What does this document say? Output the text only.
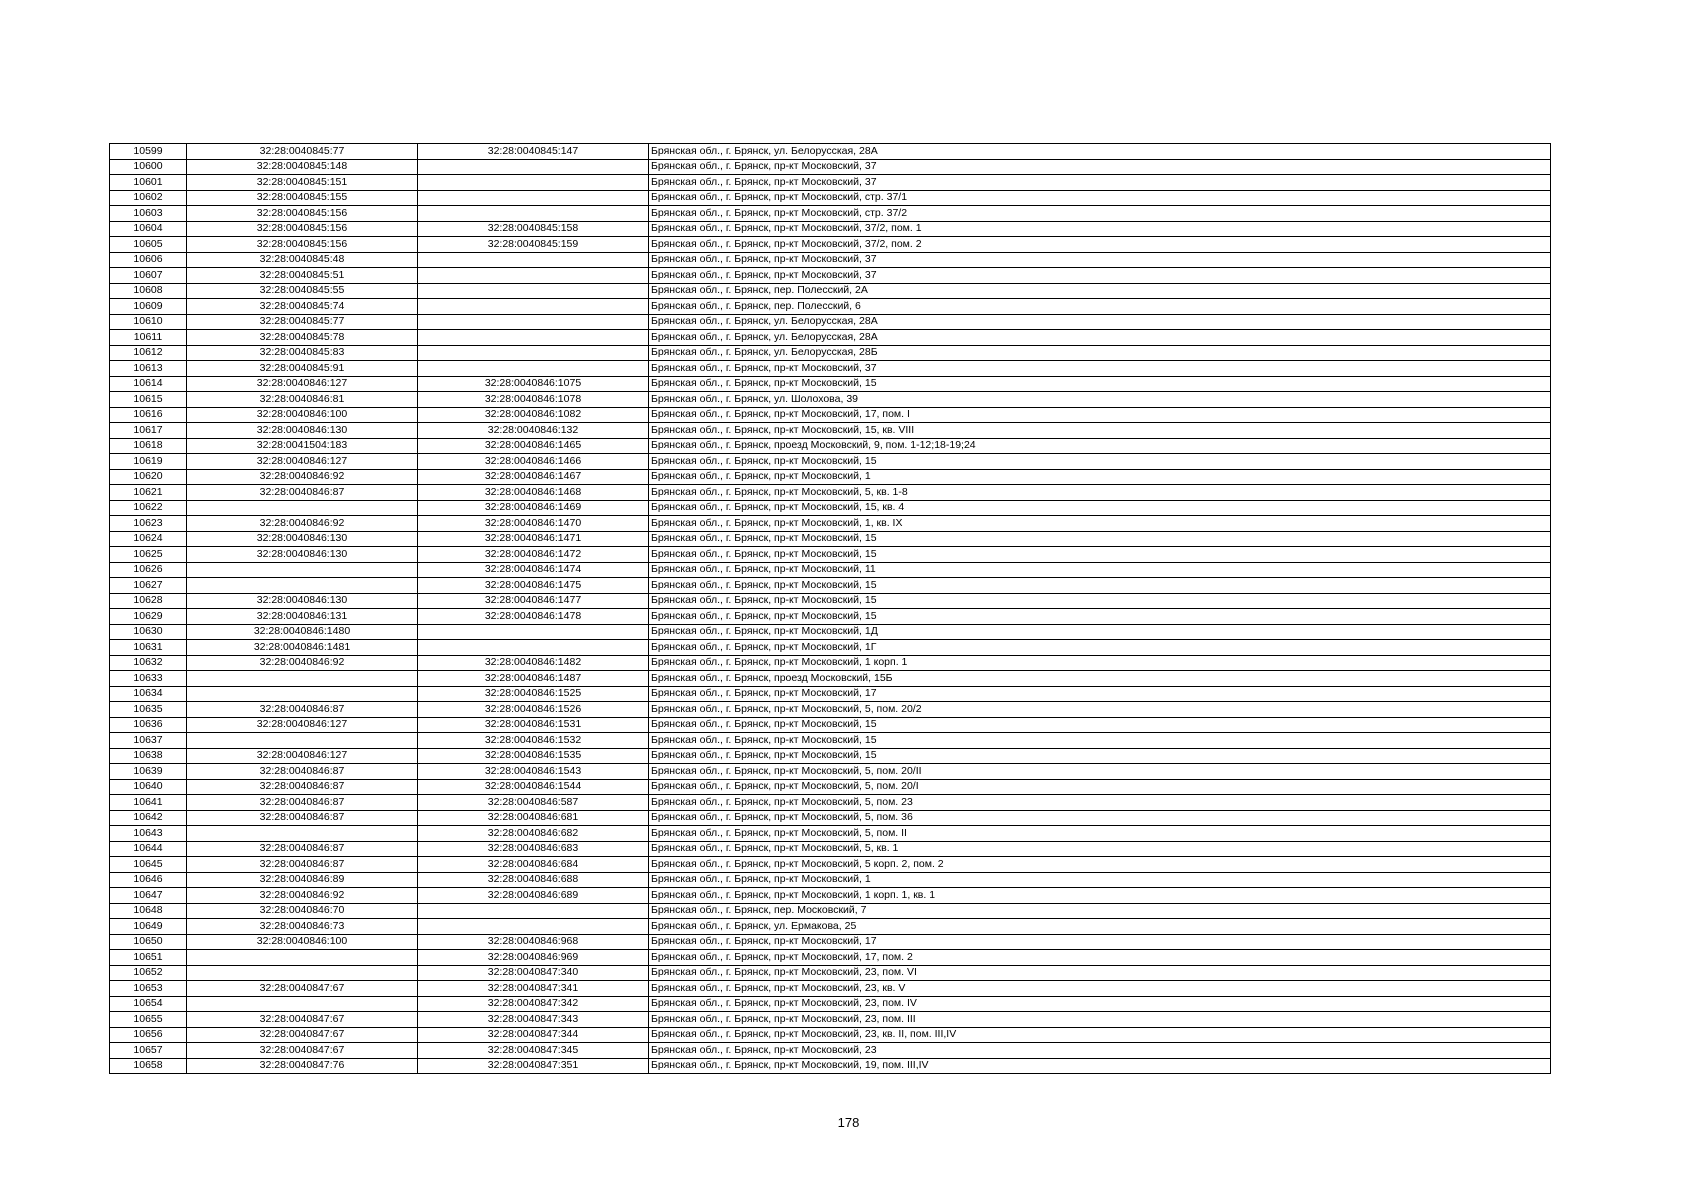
10599	32:28:0040845:77	32:28:0040845:147	Брянская обл., г. Брянск, ул. Белорусская, 28А
10600	32:28:0040845:148		Брянская обл., г. Брянск, пр-кт Московский, 37
10601	32:28:0040845:151		Брянская обл., г. Брянск, пр-кт Московский, 37
10602	32:28:0040845:155		Брянская обл., г. Брянск, пр-кт Московский, стр. 37/1
10603	32:28:0040845:156		Брянская обл., г. Брянск, пр-кт Московский, стр. 37/2
10604	32:28:0040845:156	32:28:0040845:158	Брянская обл., г. Брянск, пр-кт Московский, 37/2, пом. 1
10605	32:28:0040845:156	32:28:0040845:159	Брянская обл., г. Брянск, пр-кт Московский, 37/2, пом. 2
10606	32:28:0040845:48		Брянская обл., г. Брянск, пр-кт Московский, 37
10607	32:28:0040845:51		Брянская обл., г. Брянск, пр-кт Московский, 37
10608	32:28:0040845:55		Брянская обл., г. Брянск, пер. Полесский, 2А
10609	32:28:0040845:74		Брянская обл., г. Брянск, пер. Полесский, 6
10610	32:28:0040845:77		Брянская обл., г. Брянск, ул. Белорусская, 28А
10611	32:28:0040845:78		Брянская обл., г. Брянск, ул. Белорусская, 28А
10612	32:28:0040845:83		Брянская обл., г. Брянск, ул. Белорусская, 28Б
10613	32:28:0040845:91		Брянская обл., г. Брянск, пр-кт Московский, 37
10614	32:28:0040846:127	32:28:0040846:1075	Брянская обл., г. Брянск, пр-кт Московский, 15
10615	32:28:0040846:81	32:28:0040846:1078	Брянская обл., г. Брянск, ул. Шолохова, 39
10616	32:28:0040846:100	32:28:0040846:1082	Брянская обл., г. Брянск, пр-кт Московский, 17, пом. I
10617	32:28:0040846:130	32:28:0040846:132	Брянская обл., г. Брянск, пр-кт Московский, 15, кв. VIII
10618	32:28:0041504:183	32:28:0040846:1465	Брянская обл., г. Брянск, проезд Московский, 9, пом. 1-12;18-19;24
10619	32:28:0040846:127	32:28:0040846:1466	Брянская обл., г. Брянск, пр-кт Московский, 15
10620	32:28:0040846:92	32:28:0040846:1467	Брянская обл., г. Брянск, пр-кт Московский, 1
10621	32:28:0040846:87	32:28:0040846:1468	Брянская обл., г. Брянск, пр-кт Московский, 5, кв. 1-8
10622		32:28:0040846:1469	Брянская обл., г. Брянск, пр-кт Московский, 15, кв. 4
10623	32:28:0040846:92	32:28:0040846:1470	Брянская обл., г. Брянск, пр-кт Московский, 1, кв. IX
10624	32:28:0040846:130	32:28:0040846:1471	Брянская обл., г. Брянск, пр-кт Московский, 15
10625	32:28:0040846:130	32:28:0040846:1472	Брянская обл., г. Брянск, пр-кт Московский, 15
10626		32:28:0040846:1474	Брянская обл., г. Брянск, пр-кт Московский, 11
10627		32:28:0040846:1475	Брянская обл., г. Брянск, пр-кт Московский, 15
10628	32:28:0040846:130	32:28:0040846:1477	Брянская обл., г. Брянск, пр-кт Московский, 15
10629	32:28:0040846:131	32:28:0040846:1478	Брянская обл., г. Брянск, пр-кт Московский, 15
10630	32:28:0040846:1480		Брянская обл., г. Брянск, пр-кт Московский, 1Д
10631	32:28:0040846:1481		Брянская обл., г. Брянск, пр-кт Московский, 1Г
10632	32:28:0040846:92	32:28:0040846:1482	Брянская обл., г. Брянск, пр-кт Московский, 1 корп. 1
10633		32:28:0040846:1487	Брянская обл., г. Брянск, проезд Московский, 15Б
10634		32:28:0040846:1525	Брянская обл., г. Брянск, пр-кт Московский, 17
10635	32:28:0040846:87	32:28:0040846:1526	Брянская обл., г. Брянск, пр-кт Московский, 5, пом. 20/2
10636	32:28:0040846:127	32:28:0040846:1531	Брянская обл., г. Брянск, пр-кт Московский, 15
10637		32:28:0040846:1532	Брянская обл., г. Брянск, пр-кт Московский, 15
10638	32:28:0040846:127	32:28:0040846:1535	Брянская обл., г. Брянск, пр-кт Московский, 15
10639	32:28:0040846:87	32:28:0040846:1543	Брянская обл., г. Брянск, пр-кт Московский, 5, пом. 20/II
10640	32:28:0040846:87	32:28:0040846:1544	Брянская обл., г. Брянск, пр-кт Московский, 5, пом. 20/I
10641	32:28:0040846:87	32:28:0040846:587	Брянская обл., г. Брянск, пр-кт Московский, 5, пом. 23
10642	32:28:0040846:87	32:28:0040846:681	Брянская обл., г. Брянск, пр-кт Московский, 5, пом. 36
10643		32:28:0040846:682	Брянская обл., г. Брянск, пр-кт Московский, 5, пом. II
10644	32:28:0040846:87	32:28:0040846:683	Брянская обл., г. Брянск, пр-кт Московский, 5, кв. 1
10645	32:28:0040846:87	32:28:0040846:684	Брянская обл., г. Брянск, пр-кт Московский, 5 корп. 2, пом. 2
10646	32:28:0040846:89	32:28:0040846:688	Брянская обл., г. Брянск, пр-кт Московский, 1
10647	32:28:0040846:92	32:28:0040846:689	Брянская обл., г. Брянск, пр-кт Московский, 1 корп. 1, кв. 1
10648	32:28:0040846:70		Брянская обл., г. Брянск, пер. Московский, 7
10649	32:28:0040846:73		Брянская обл., г. Брянск, ул. Ермакова, 25
10650	32:28:0040846:100	32:28:0040846:968	Брянская обл., г. Брянск, пр-кт Московский, 17
10651		32:28:0040846:969	Брянская обл., г. Брянск, пр-кт Московский, 17, пом. 2
10652		32:28:0040847:340	Брянская обл., г. Брянск, пр-кт Московский, 23, пом. VI
10653	32:28:0040847:67	32:28:0040847:341	Брянская обл., г. Брянск, пр-кт Московский, 23, кв. V
10654		32:28:0040847:342	Брянская обл., г. Брянск, пр-кт Московский, 23, пом. IV
10655	32:28:0040847:67	32:28:0040847:343	Брянская обл., г. Брянск, пр-кт Московский, 23, пом. III
10656	32:28:0040847:67	32:28:0040847:344	Брянская обл., г. Брянск, пр-кт Московский, 23, кв. II, пом. III,IV
10657	32:28:0040847:67	32:28:0040847:345	Брянская обл., г. Брянск, пр-кт Московский, 23
10658	32:28:0040847:76	32:28:0040847:351	Брянская обл., г. Брянск, пр-кт Московский, 19, пом. III,IV
178
